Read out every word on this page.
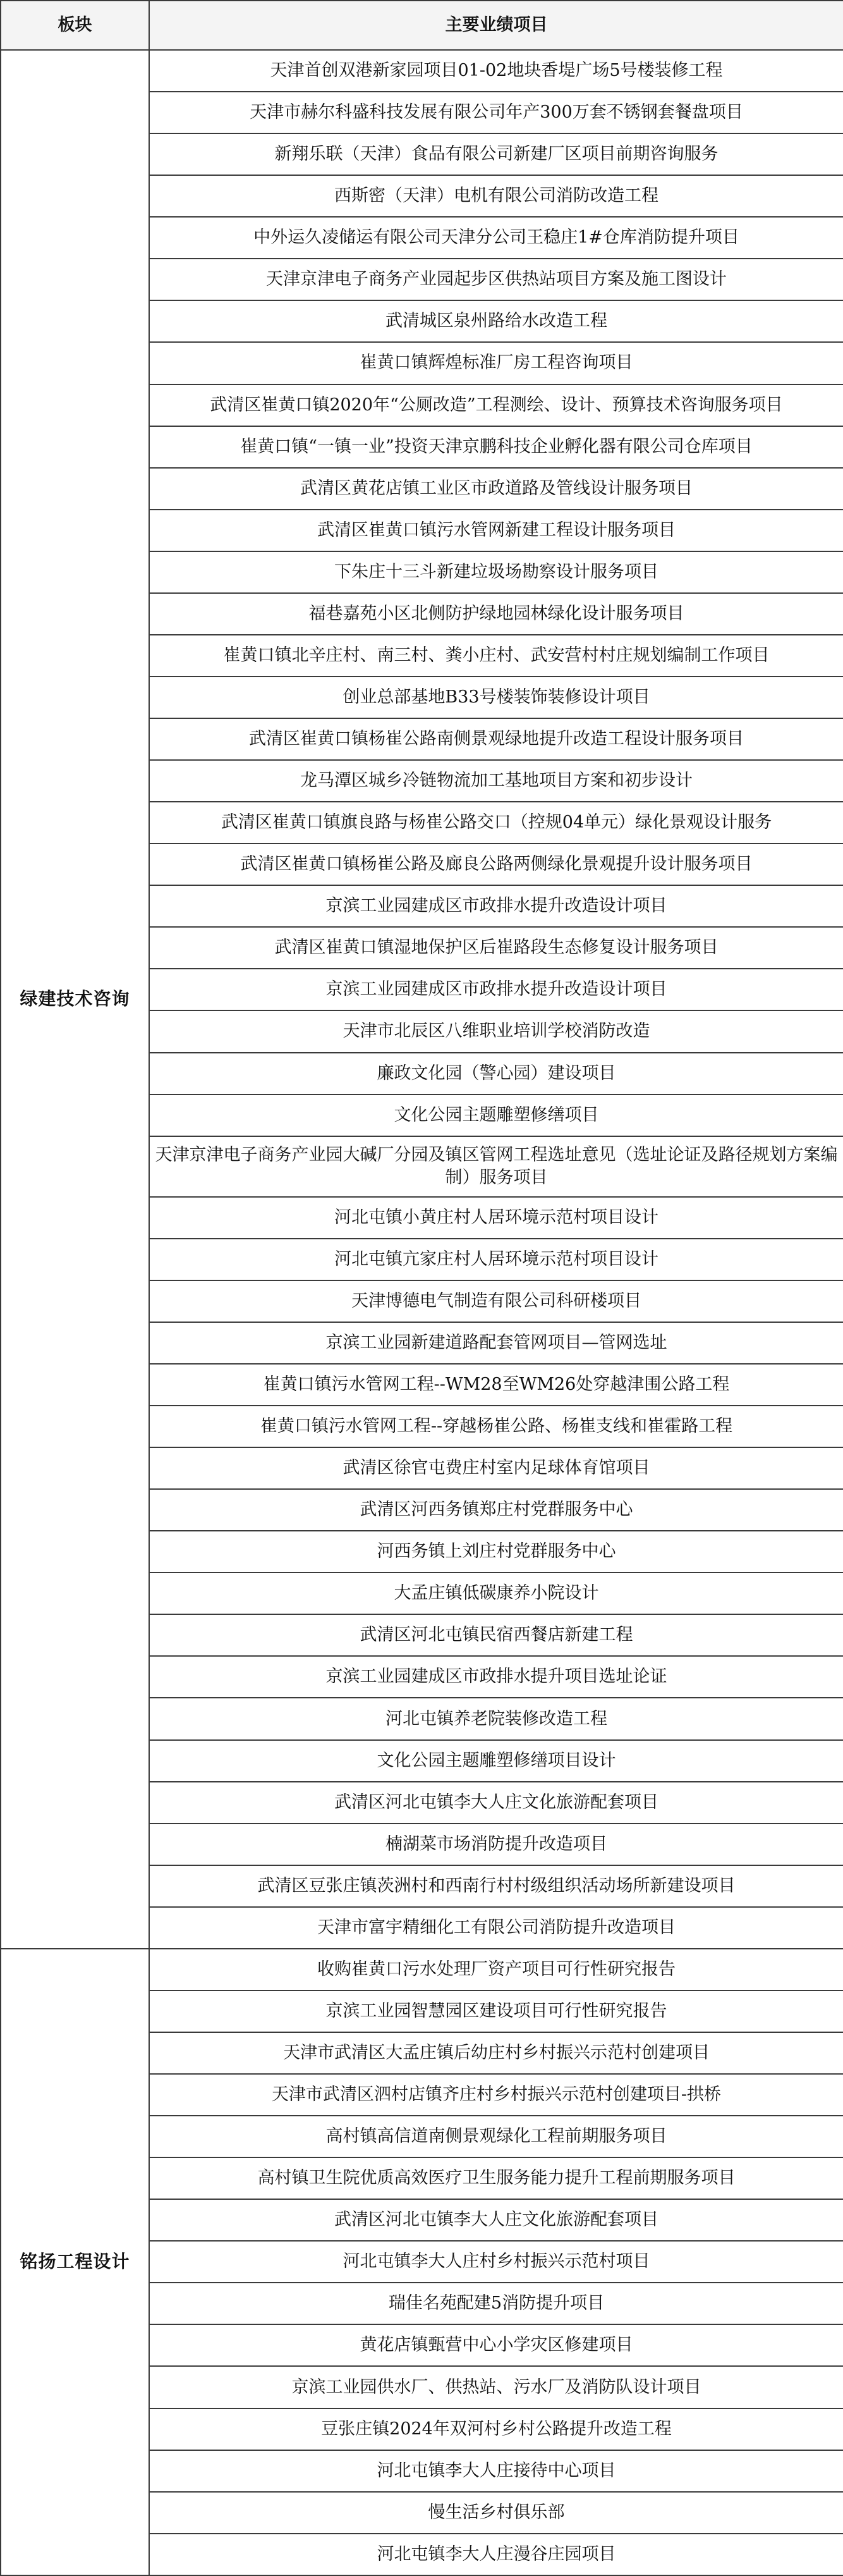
板块	主要业绩项目
绿建技术咨询	天津首创双港新家园项目01-02地块香堤广场5号楼装修工程
	天津市赫尔科盛科技发展有限公司年产300万套不锈钢套餐盘项目
	新翔乐联（天津）食品有限公司新建厂区项目前期咨询服务
	西斯密（天津）电机有限公司消防改造工程
	中外运久凌储运有限公司天津分公司王稳庄1#仓库消防提升项目
	天津京津电子商务产业园起步区供热站项目方案及施工图设计
	武清城区泉州路给水改造工程
	崔黄口镇辉煌标准厂房工程咨询项目
	武清区崔黄口镇2020年“公厕改造”工程测绘、设计、预算技术咨询服务项目
	崔黄口镇“一镇一业”投资天津京鹏科技企业孵化器有限公司仓库项目
	武清区黄花店镇工业区市政道路及管线设计服务项目
	武清区崔黄口镇污水管网新建工程设计服务项目
	下朱庄十三斗新建垃圾场勘察设计服务项目
	福巷嘉苑小区北侧防护绿地园林绿化设计服务项目
	崔黄口镇北辛庄村、南三村、粪小庄村、武安营村村庄规划编制工作项目
	创业总部基地B33号楼装饰装修设计项目
	武清区崔黄口镇杨崔公路南侧景观绿地提升改造工程设计服务项目
	龙马潭区城乡冷链物流加工基地项目方案和初步设计
	武清区崔黄口镇旗良路与杨崔公路交口（控规04单元）绿化景观设计服务
	武清区崔黄口镇杨崔公路及廊良公路两侧绿化景观提升设计服务项目
	京滨工业园建成区市政排水提升改造设计项目
	武清区崔黄口镇湿地保护区后崔路段生态修复设计服务项目
	京滨工业园建成区市政排水提升改造设计项目
	天津市北辰区八维职业培训学校消防改造
	廉政文化园（警心园）建设项目
	文化公园主题雕塑修缮项目
	天津京津电子商务产业园大碱厂分园及镇区管网工程选址意见（选址论证及路径规划方案编制）服务项目
	河北屯镇小黄庄村人居环境示范村项目设计
	河北屯镇亢家庄村人居环境示范村项目设计
	天津博德电气制造有限公司科研楼项目
	京滨工业园新建道路配套管网项目—管网选址
	崔黄口镇污水管网工程--WM28至WM26处穿越津围公路工程
	崔黄口镇污水管网工程--穿越杨崔公路、杨崔支线和崔霍路工程
	武清区徐官屯费庄村室内足球体育馆项目
	武清区河西务镇郑庄村党群服务中心
	河西务镇上刘庄村党群服务中心
	大孟庄镇低碳康养小院设计
	武清区河北屯镇民宿西餐店新建工程
	京滨工业园建成区市政排水提升项目选址论证
	河北屯镇养老院装修改造工程
	文化公园主题雕塑修缮项目设计
	武清区河北屯镇李大人庄文化旅游配套项目
	楠湖菜市场消防提升改造项目
	武清区豆张庄镇茨洲村和西南行村村级组织活动场所新建设项目
	天津市富宇精细化工有限公司消防提升改造项目
铭扬工程设计	收购崔黄口污水处理厂资产项目可行性研究报告
	京滨工业园智慧园区建设项目可行性研究报告
	天津市武清区大孟庄镇后幼庄村乡村振兴示范村创建项目
	天津市武清区泗村店镇齐庄村乡村振兴示范村创建项目-拱桥
	高村镇高信道南侧景观绿化工程前期服务项目
	高村镇卫生院优质高效医疗卫生服务能力提升工程前期服务项目
	武清区河北屯镇李大人庄文化旅游配套项目
	河北屯镇李大人庄村乡村振兴示范村项目
	瑞佳名苑配建5消防提升项目
	黄花店镇甄营中心小学灾区修建项目
	京滨工业园供水厂、供热站、污水厂及消防队设计项目
	豆张庄镇2024年双河村乡村公路提升改造工程
	河北屯镇李大人庄接待中心项目
	慢生活乡村俱乐部
	河北屯镇李大人庄漫谷庄园项目
